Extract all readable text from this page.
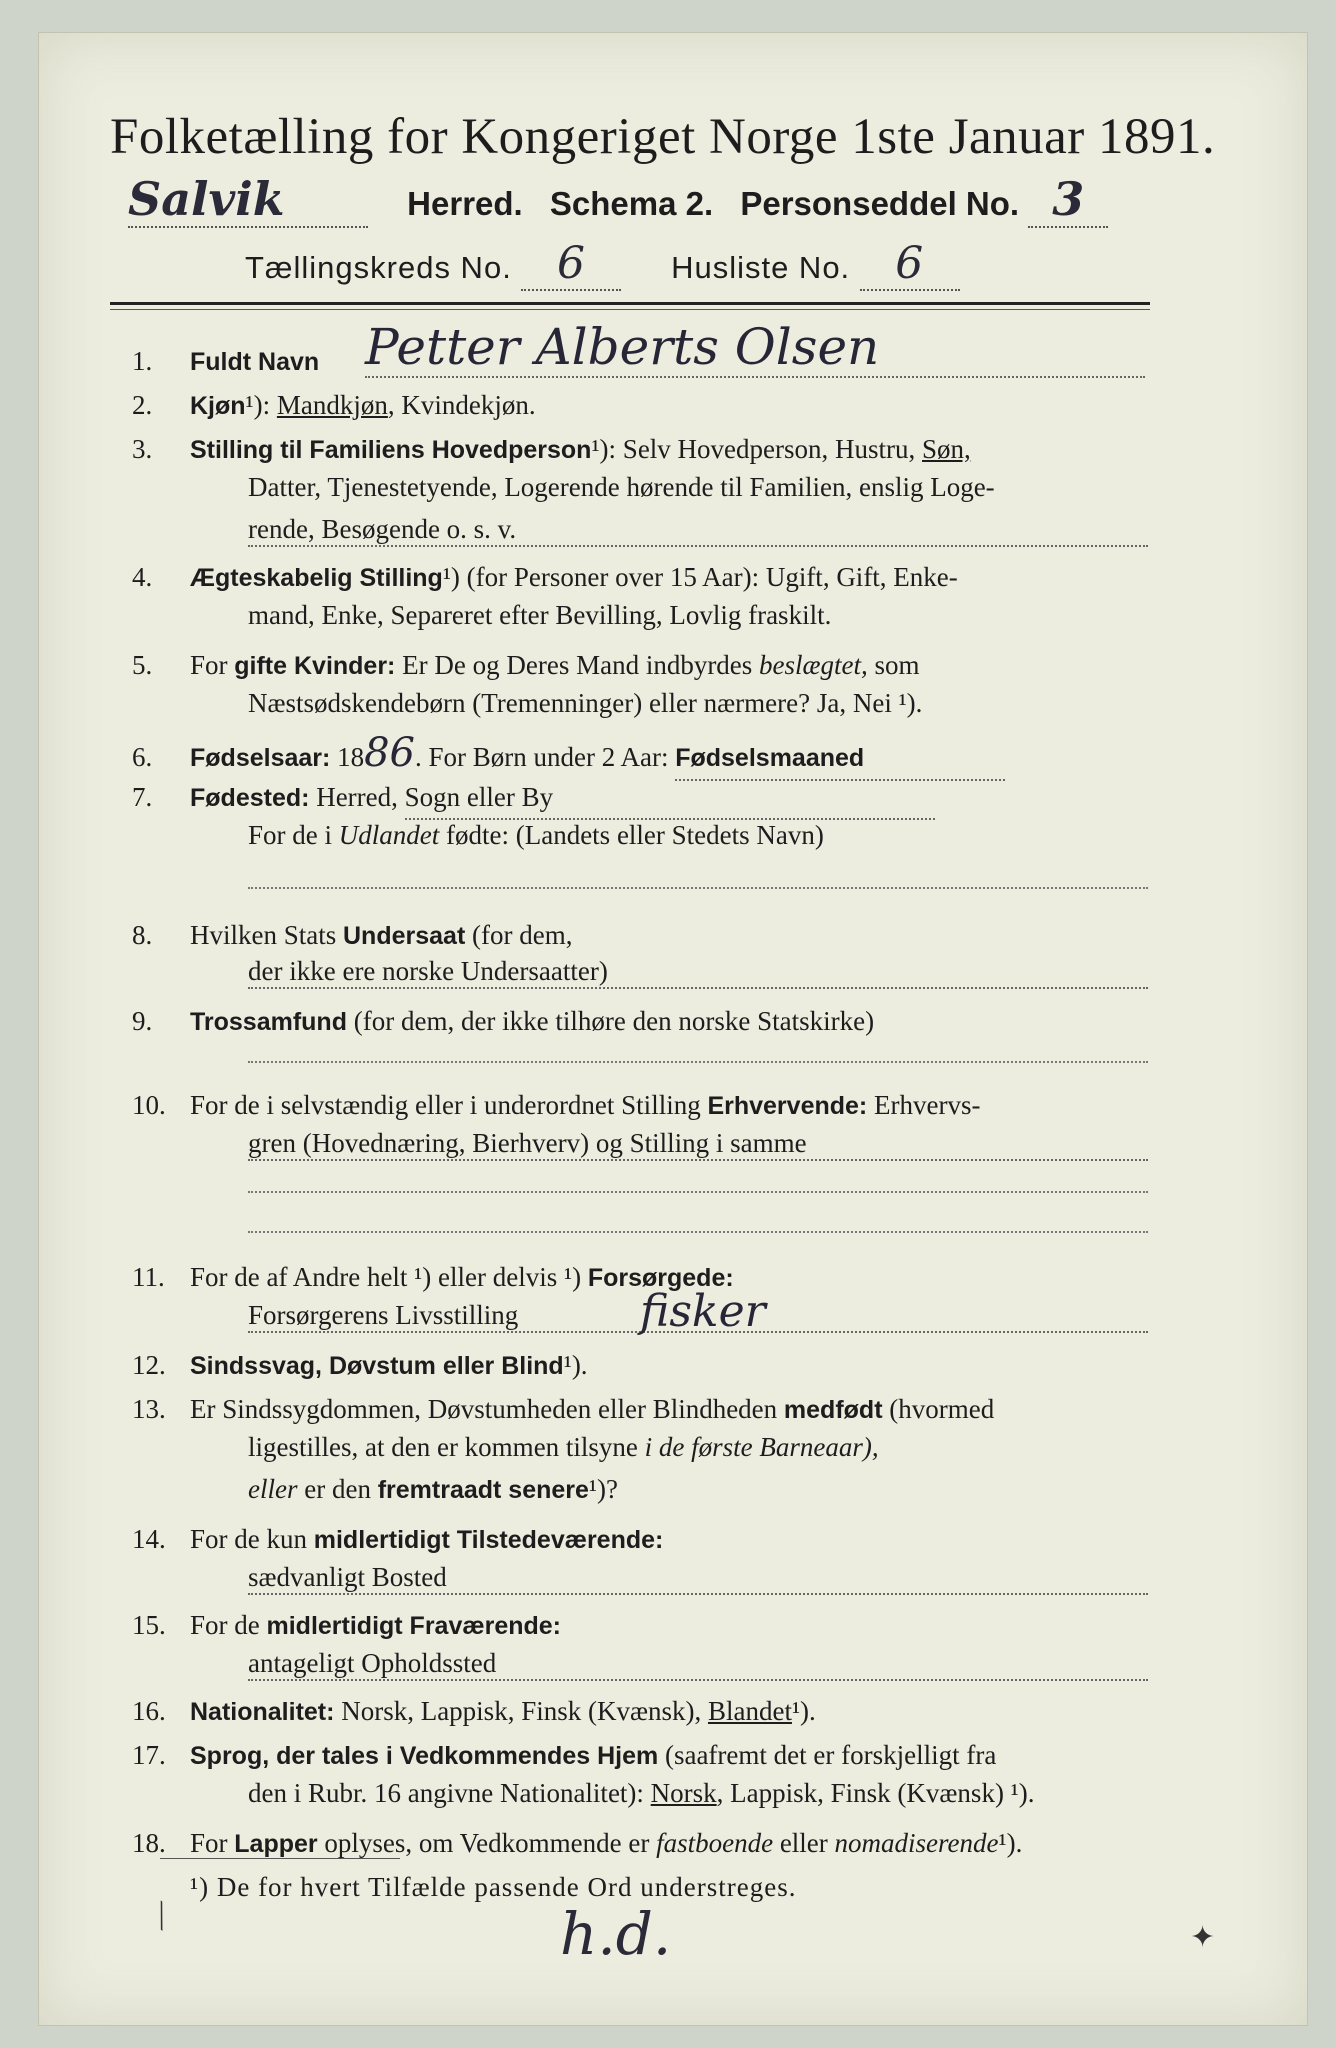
Folketælling for Kongeriget Norge 1ste Januar 1891.
Salvik	Herred. Schema 2. Personseddel No. 3
Tællingskreds No. 6	Husliste No. 6
1. Fuldt Navn Petter Alberts Olsen
2. Kjøn¹): Mandkjøn, Kvindekjøn.
3. Stilling til Familiens Hovedperson¹): Selv Hovedperson, Hustru, Søn,
Datter, Tjenestetyende, Logerende hørende til Familien, enslig Loge-
rende, Besøgende o. s. v.
4. Ægteskabelig Stilling¹) (for Personer over 15 Aar): Ugift, Gift, Enke-
mand, Enke, Separeret efter Bevilling, Lovlig fraskilt.
5. For gifte Kvinder: Er De og Deres Mand indbyrdes beslægtet, som
Næstsødskendebørn (Tremenninger) eller nærmere? Ja, Nei ¹).
6. Fødselsaar: 1886. For Børn under 2 Aar: Fødselsmaaned
7. Fødested: Herred, Sogn eller By
For de i Udlandet fødte: (Landets eller Stedets Navn)
8. Hvilken Stats Undersaat (for dem,
der ikke ere norske Undersaatter)
9. Trossamfund (for dem, der ikke tilhøre den norske Statskirke)
10. For de i selvstændig eller i underordnet Stilling Erhvervende: Erhvervs-
gren (Hovednæring, Bierhverv) og Stilling i samme
11. For de af Andre helt ¹) eller delvis ¹) Forsørgede:
Forsørgerens Livsstilling	fisker
12. Sindssvag, Døvstum eller Blind¹).
13. Er Sindssygdommen, Døvstumheden eller Blindheden medfødt (hvormed
ligestilles, at den er kommen tilsyne i de første Barneaar),
eller er den fremtraadt senere¹)?
14. For de kun midlertidigt Tilstedeværende:
sædvanligt Bosted
15. For de midlertidigt Fraværende:
antageligt Opholdssted
16. Nationalitet: Norsk, Lappisk, Finsk (Kvænsk), Blandet¹).
17. Sprog, der tales i Vedkommendes Hjem (saafremt det er forskjelligt fra
den i Rubr. 16 angivne Nationalitet): Norsk, Lappisk, Finsk (Kvænsk) ¹).
18. For Lapper oplyses, om Vedkommende er fastboende eller nomadiserende¹).
¹) De for hvert Tilfælde passende Ord understreges.
h.d.	✦
⟍
